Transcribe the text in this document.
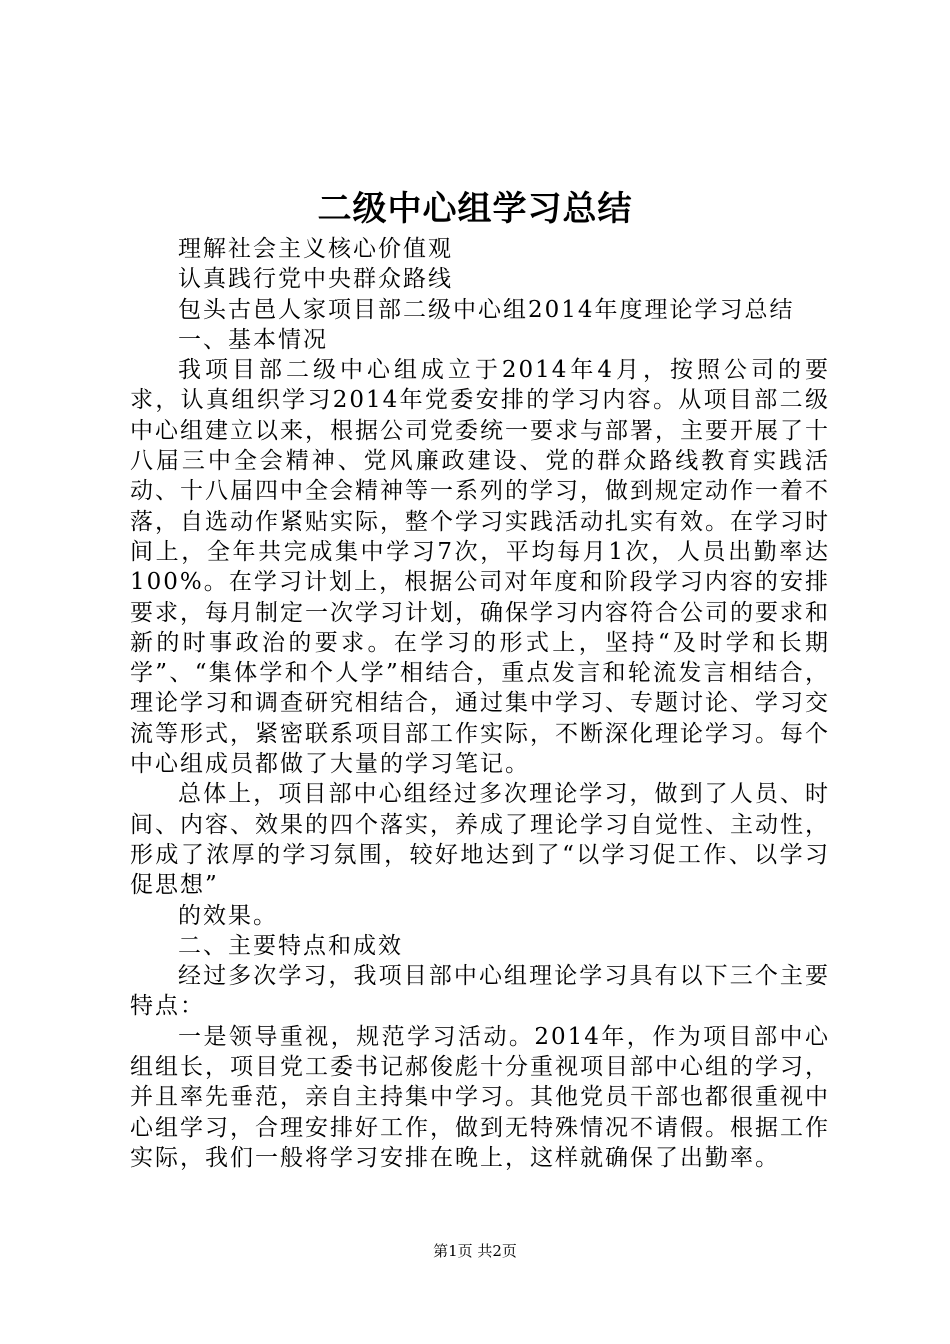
二级中心组学习总结

理解社会主义核心价值观

认真践行党中央群众路线

包头古邑人家项目部二级中心组2014年度理论学习总结

一、基本情况

我项目部二级中心组成立于2014年4月，按照公司的要求，认真组织学习2014年党委安排的学习内容。从项目部二级中心组建立以来，根据公司党委统一要求与部署，主要开展了十八届三中全会精神、党风廉政建设、党的群众路线教育实践活动、十八届四中全会精神等一系列的学习，做到规定动作一着不落，自选动作紧贴实际，整个学习实践活动扎实有效。在学习时间上，全年共完成集中学习7次，平均每月1次，人员出勤率达100%。在学习计划上，根据公司对年度和阶段学习内容的安排要求，每月制定一次学习计划，确保学习内容符合公司的要求和新的时事政治的要求。在学习的形式上，坚持“及时学和长期学”、“集体学和个人学”相结合，重点发言和轮流发言相结合，理论学习和调查研究相结合，通过集中学习、专题讨论、学习交流等形式，紧密联系项目部工作实际，不断深化理论学习。每个中心组成员都做了大量的学习笔记。

总体上，项目部中心组经过多次理论学习，做到了人员、时间、内容、效果的四个落实，养成了理论学习自觉性、主动性，形成了浓厚的学习氛围，较好地达到了“以学习促工作、以学习促思想”

的效果。

二、主要特点和成效

经过多次学习，我项目部中心组理论学习具有以下三个主要特点：

一是领导重视，规范学习活动。2014年，作为项目部中心组组长，项目党工委书记郝俊彪十分重视项目部中心组的学习，并且率先垂范，亲自主持集中学习。其他党员干部也都很重视中心组学习，合理安排好工作，做到无特殊情况不请假。根据工作实际，我们一般将学习安排在晚上，这样就确保了出勤率。

第1页 共2页
